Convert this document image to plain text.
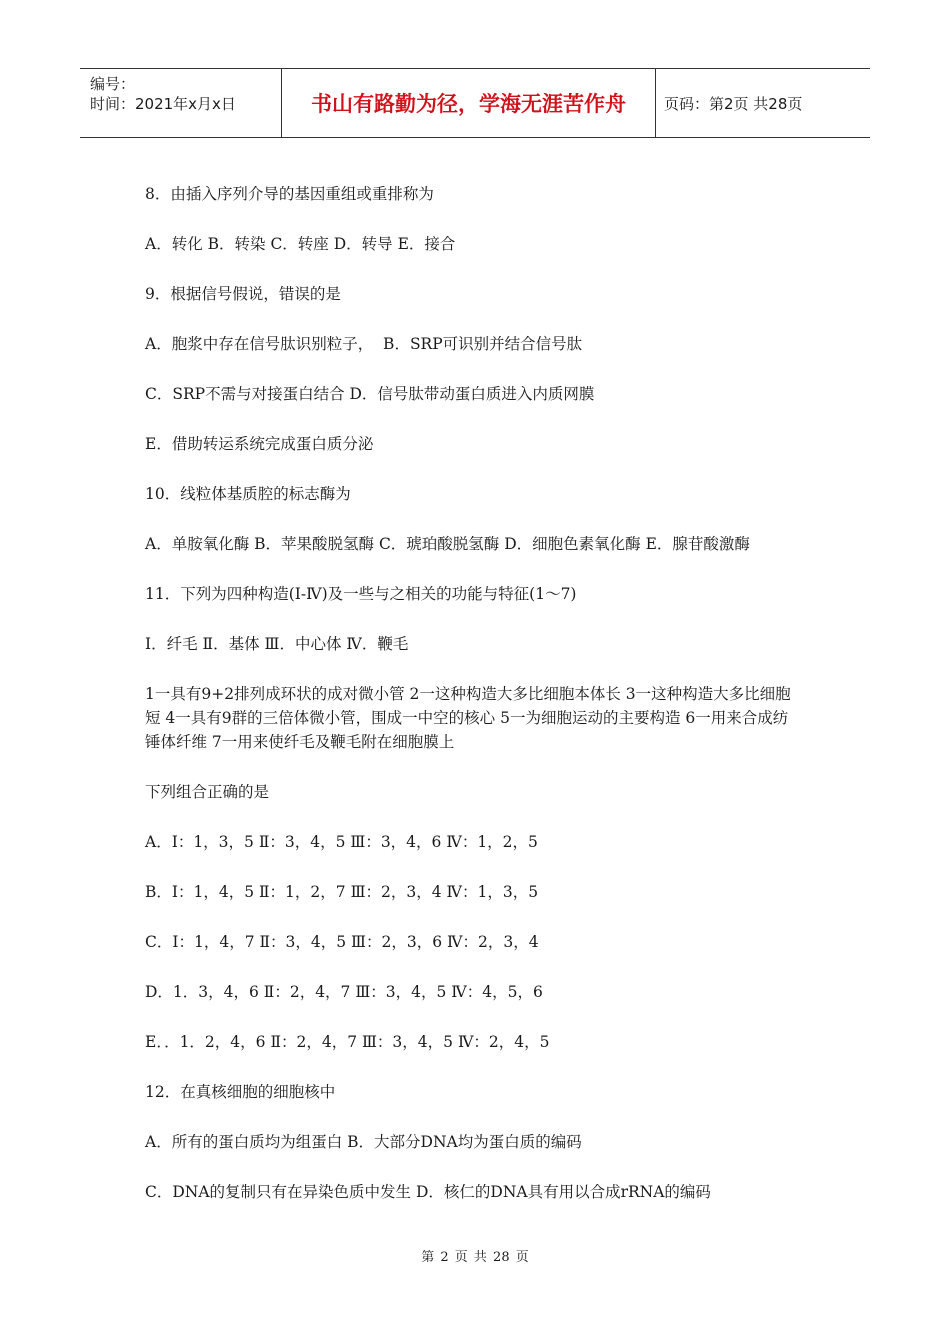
编号：
时间：2021年x月x日	书山有路勤为径，学海无涯苦作舟	页码：第2页 共28页

8．由插入序列介导的基因重组或重排称为

A．转化 B．转染 C．转座 D．转导 E．接合

9．根据信号假说，错误的是

A．胞浆中存在信号肽识别粒子，  B．SRP可识别并结合信号肽

C．SRP不需与对接蛋白结合 D．信号肽带动蛋白质进入内质网膜

E．借助转运系统完成蛋白质分泌

10．线粒体基质腔的标志酶为

A．单胺氧化酶 B．苹果酸脱氢酶 C．琥珀酸脱氢酶 D．细胞色素氧化酶 E．腺苷酸激酶

11．下列为四种构造(I-Ⅳ)及一些与之相关的功能与特征(1～7)

I．纤毛 Ⅱ．基体 Ⅲ．中心体 Ⅳ．鞭毛

1一具有9+2排列成环状的成对微小管 2一这种构造大多比细胞本体长 3一这种构造大多比细胞短 4一具有9群的三倍体微小管，围成一中空的核心 5一为细胞运动的主要构造 6一用来合成纺锤体纤维 7一用来使纤毛及鞭毛附在细胞膜上

下列组合正确的是

A．Ⅰ：1，3，5 Ⅱ：3，4，5 Ⅲ：3，4，6 Ⅳ：1，2，5

B．Ⅰ：1，4，5 Ⅱ：1，2，7 Ⅲ：2，3，4 Ⅳ：1，3，5

C．I：1，4，7 Ⅱ：3，4，5 Ⅲ：2，3，6 Ⅳ：2，3，4

D．1．3，4，6 Ⅱ：2，4，7 Ⅲ：3，4，5 Ⅳ：4，5，6

E．．1．2，4，6 Ⅱ：2，4，7 Ⅲ：3，4，5 Ⅳ：2，4，5

12．在真核细胞的细胞核中

A．所有的蛋白质均为组蛋白 B．大部分DNA均为蛋白质的编码

C．DNA的复制只有在异染色质中发生 D．核仁的DNA具有用以合成rRNA的编码

第 2 页 共 28 页
